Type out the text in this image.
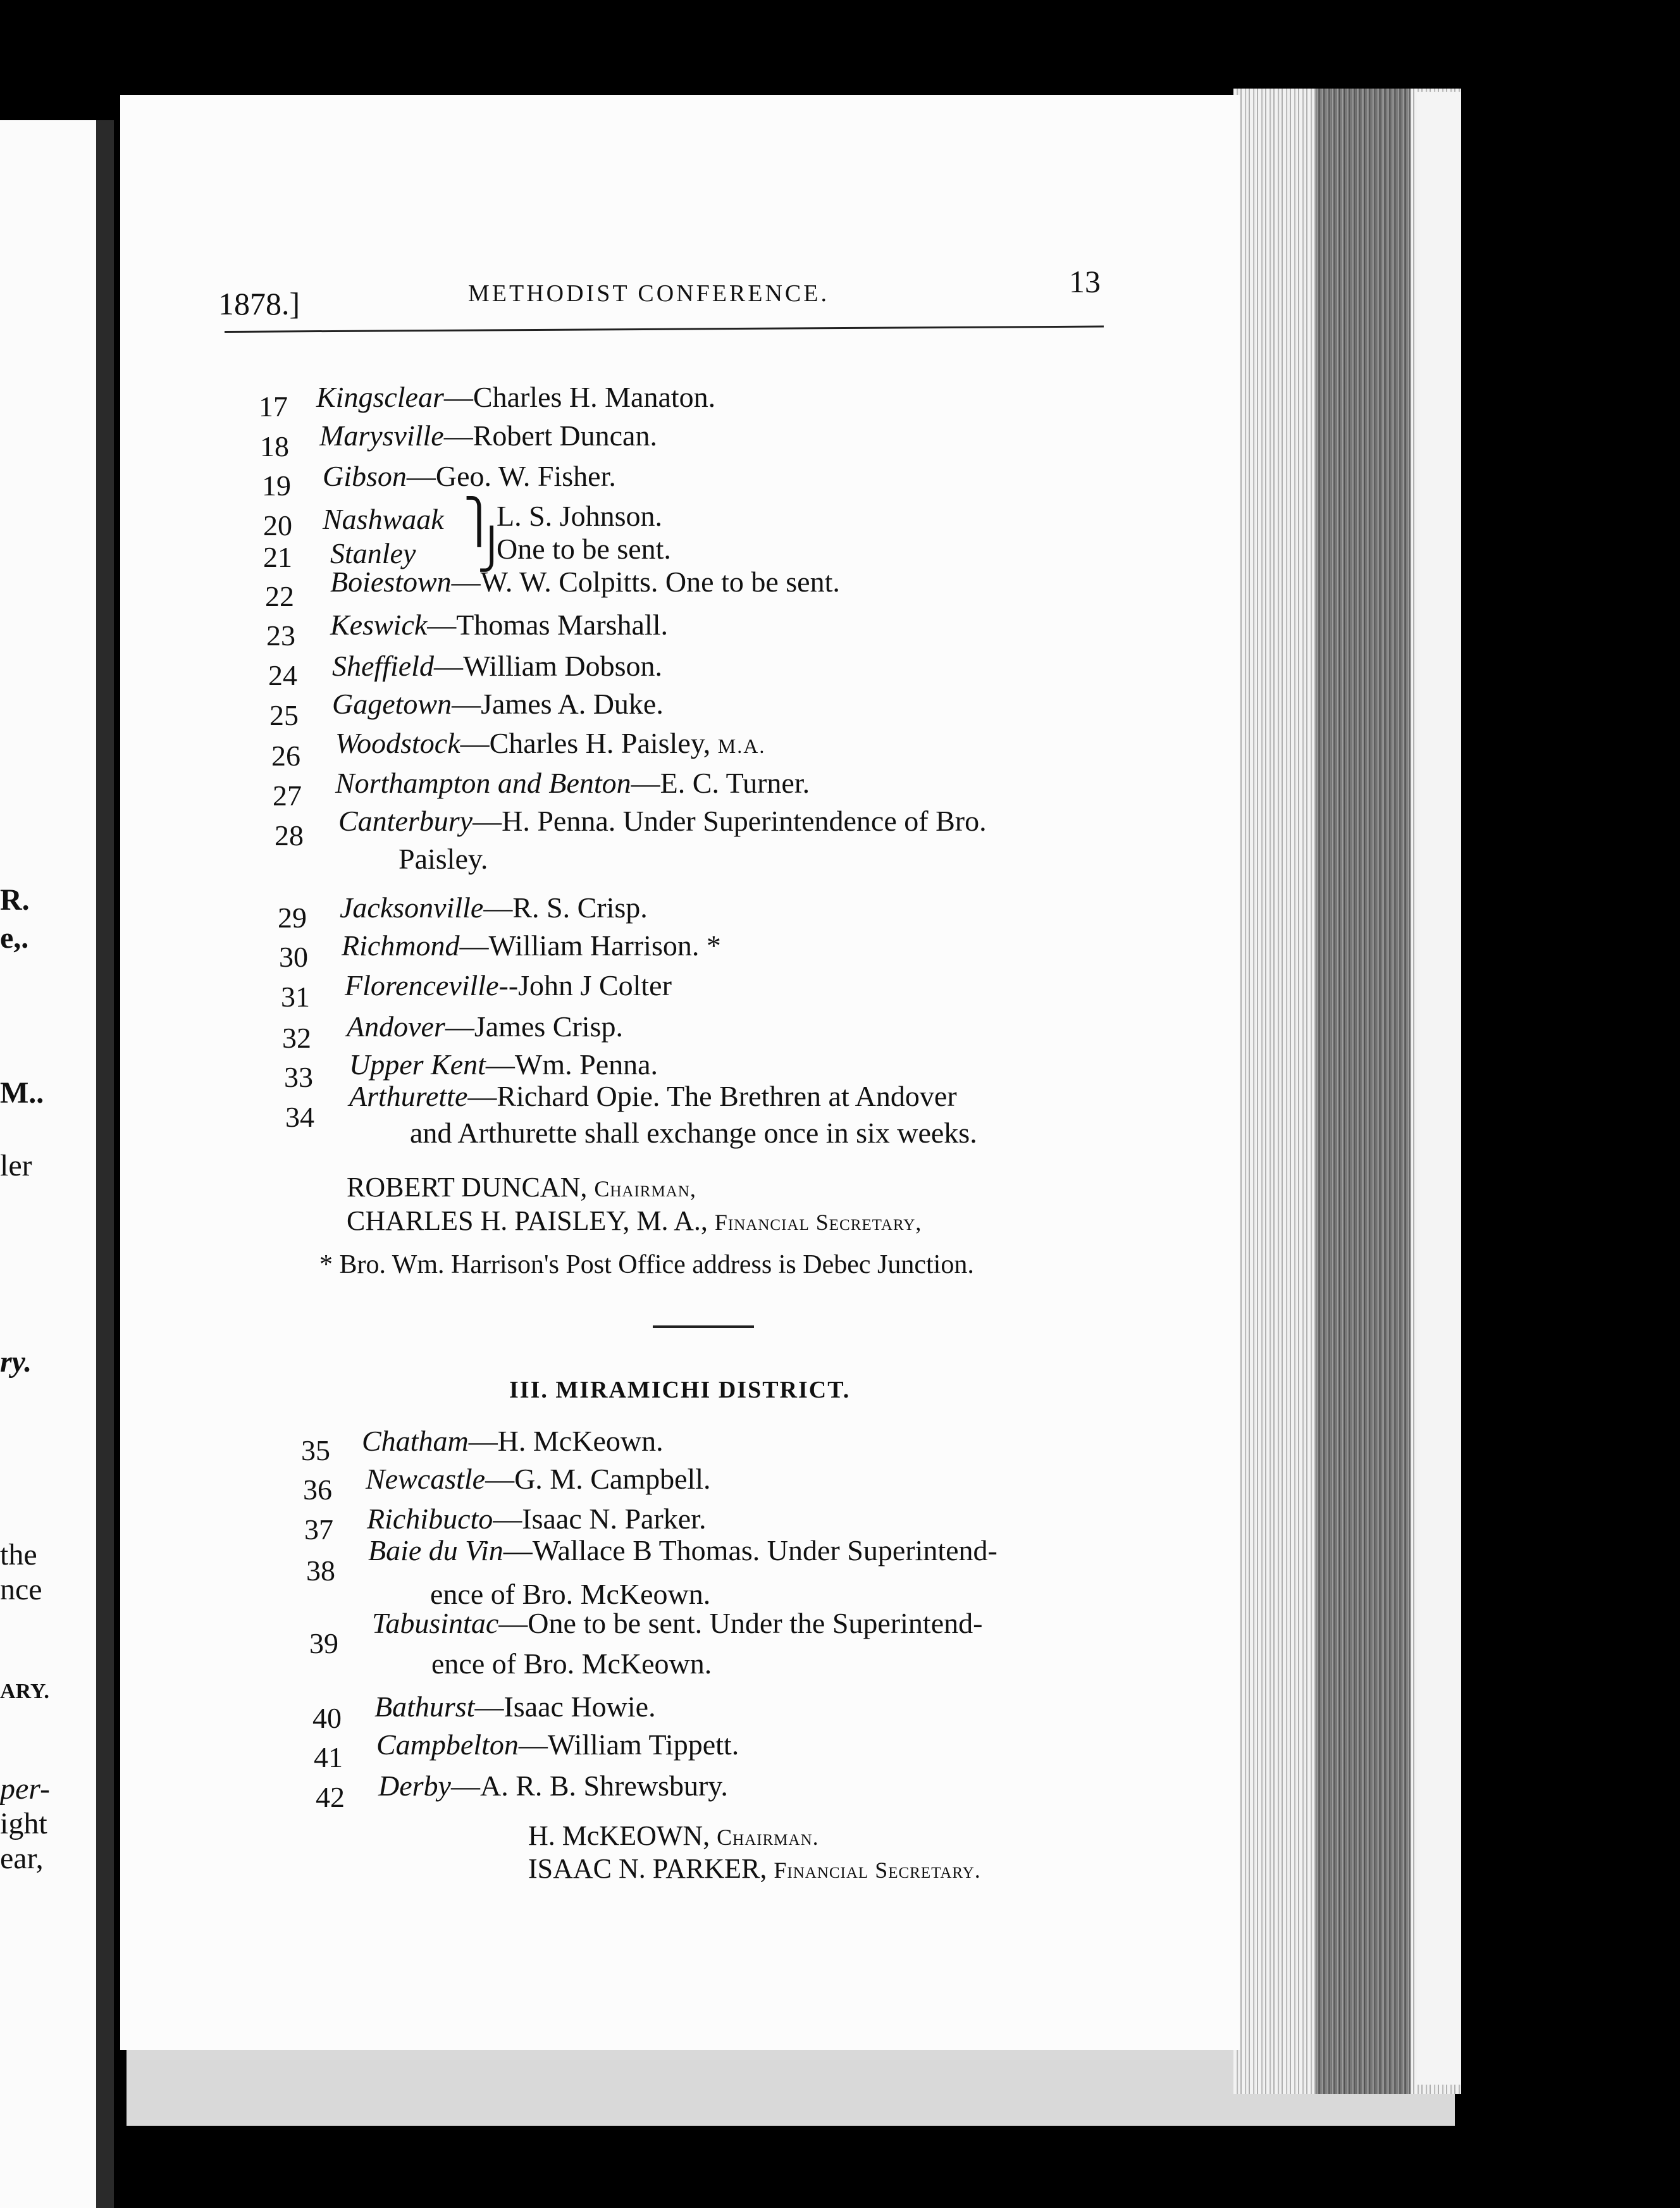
R.
e,.
M..
ler
ry.
the
nce
ARY.
per-
ight
ear,
1878.]	METHODIST CONFERENCE.	13
17 Kingsclear—Charles H. Manaton.
18 Marysville—Robert Duncan.
19 Gibson—Geo. W. Fisher.
20 Nashwaak ⎫ L. S. Johnson.
21 Stanley ⎭
One to be sent.
22 Boiestown—W. W. Colpitts. One to be sent.
23 Keswick—Thomas Marshall.
24 Sheffield—William Dobson.
25 Gagetown—James A. Duke.
26 Woodstock—Charles H. Paisley, M.A.
27 Northampton and Benton—E. C. Turner.
28 Canterbury—H. Penna. Under Superintendence of Bro.
Paisley.
29 Jacksonville—R. S. Crisp.
30 Richmond—William Harrison. *
31 Florenceville--John J Colter
32 Andover—James Crisp.
33 Upper Kent—Wm. Penna.
34
Arthurette—Richard Opie. The Brethren at Andover
and Arthurette shall exchange once in six weeks.
ROBERT DUNCAN, Chairman,
CHARLES H. PAISLEY, M. A., Financial Secretary,
* Bro. Wm. Harrison's Post Office address is Debec Junction.
III. MIRAMICHI DISTRICT.
35 Chatham—H. McKeown.
36 Newcastle—G. M. Campbell.
37 Richibucto—Isaac N. Parker.
38
Baie du Vin—Wallace B Thomas. Under Superintend-
ence of Bro. McKeown.
39
Tabusintac—One to be sent. Under the Superintend-
ence of Bro. McKeown.
40 Bathurst—Isaac Howie.
41 Campbelton—William Tippett.
42 Derby—A. R. B. Shrewsbury.
H. McKEOWN, Chairman.
ISAAC N. PARKER, Financial Secretary.
